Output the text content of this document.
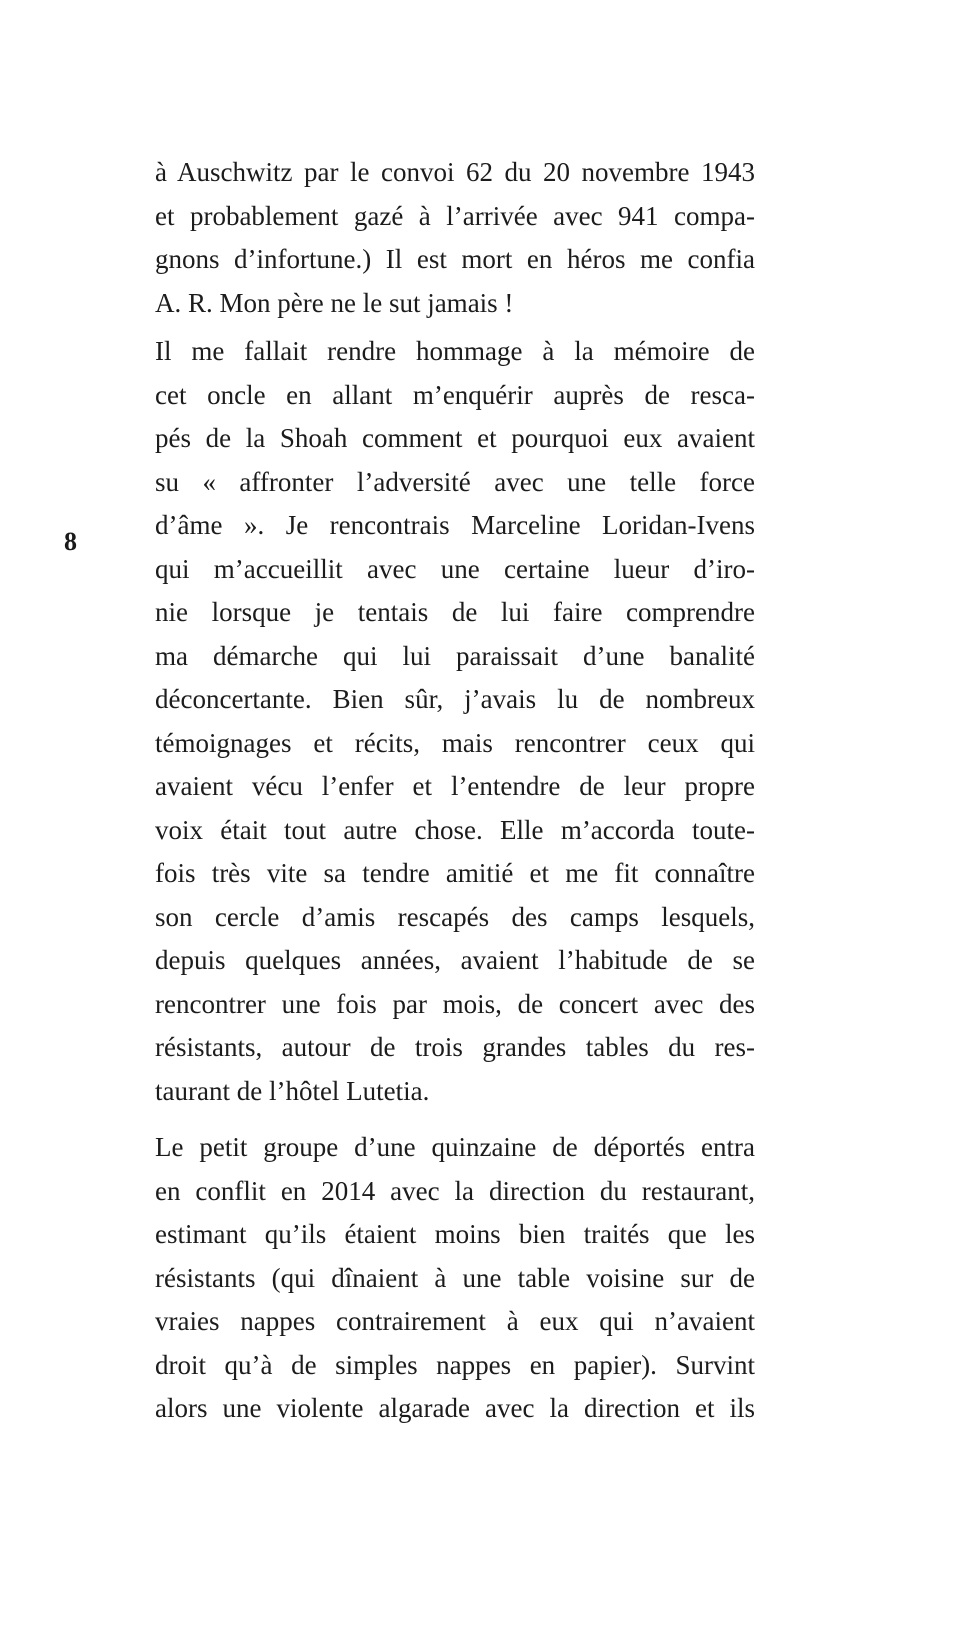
8
à Auschwitz par le convoi 62 du 20 novembre 1943
et probablement gazé à l’arrivée avec 941 compa-
gnons d’infortune.) Il est mort en héros me confia
A. R. Mon père ne le sut jamais !
Il me fallait rendre hommage à la mémoire de
cet oncle en allant m’enquérir auprès de resca-
pés de la Shoah comment et pourquoi eux avaient
su « affronter l’adversité avec une telle force
d’âme ». Je rencontrais Marceline Loridan-Ivens
qui m’accueillit avec une certaine lueur d’iro-
nie lorsque je tentais de lui faire comprendre
ma démarche qui lui paraissait d’une banalité
déconcertante. Bien sûr, j’avais lu de nombreux
témoignages et récits, mais rencontrer ceux qui
avaient vécu l’enfer et l’entendre de leur propre
voix était tout autre chose. Elle m’accorda toute-
fois très vite sa tendre amitié et me fit connaître
son cercle d’amis rescapés des camps lesquels,
depuis quelques années, avaient l’habitude de se
rencontrer une fois par mois, de concert avec des
résistants, autour de trois grandes tables du res-
taurant de l’hôtel Lutetia.
Le petit groupe d’une quinzaine de déportés entra
en conflit en 2014 avec la direction du restaurant,
estimant qu’ils étaient moins bien traités que les
résistants (qui dînaient à une table voisine sur de
vraies nappes contrairement à eux qui n’avaient
droit qu’à de simples nappes en papier). Survint
alors une violente algarade avec la direction et ils
